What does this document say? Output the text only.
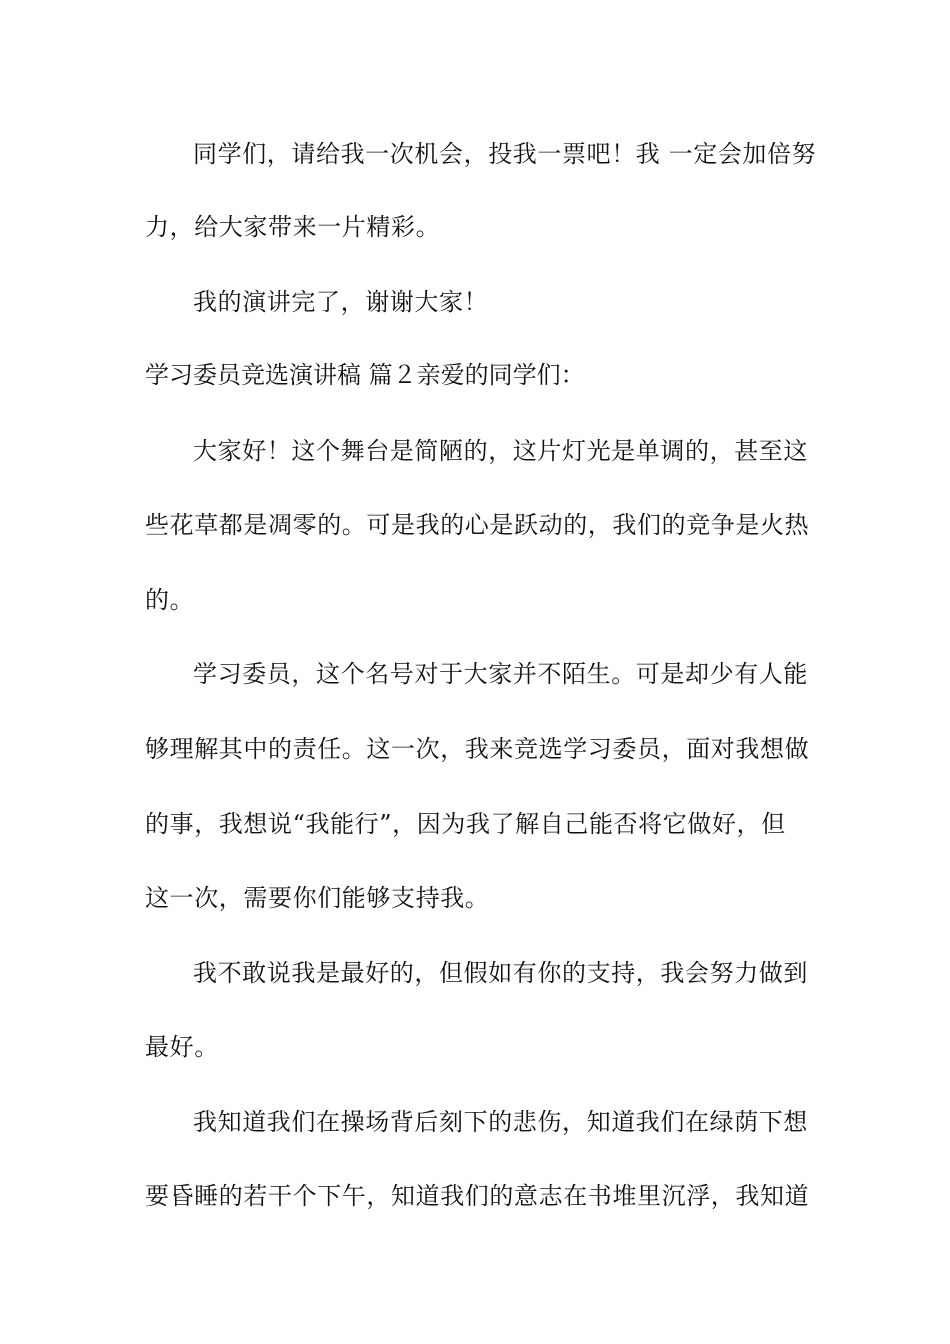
同学们，请给我一次机会，投我一票吧！我 一定会加倍努
力，给大家带来一片精彩。
我的演讲完了，谢谢大家！
学习委员竞选演讲稿 篇２亲爱的同学们：
大家好！这个舞台是简陋的，这片灯光是单调的，甚至这
些花草都是凋零的。可是我的心是跃动的，我们的竞争是火热
的。
学习委员，这个名号对于大家并不陌生。可是却少有人能
够理解其中的责任。这一次，我来竞选学习委员，面对我想做
的事，我想说“我能行”，因为我了解自己能否将它做好，但
这一次，需要你们能够支持我。
我不敢说我是最好的，但假如有你的支持，我会努力做到
最好。
我知道我们在操场背后刻下的悲伤，知道我们在绿荫下想
要昏睡的若干个下午，知道我们的意志在书堆里沉浮，我知道
